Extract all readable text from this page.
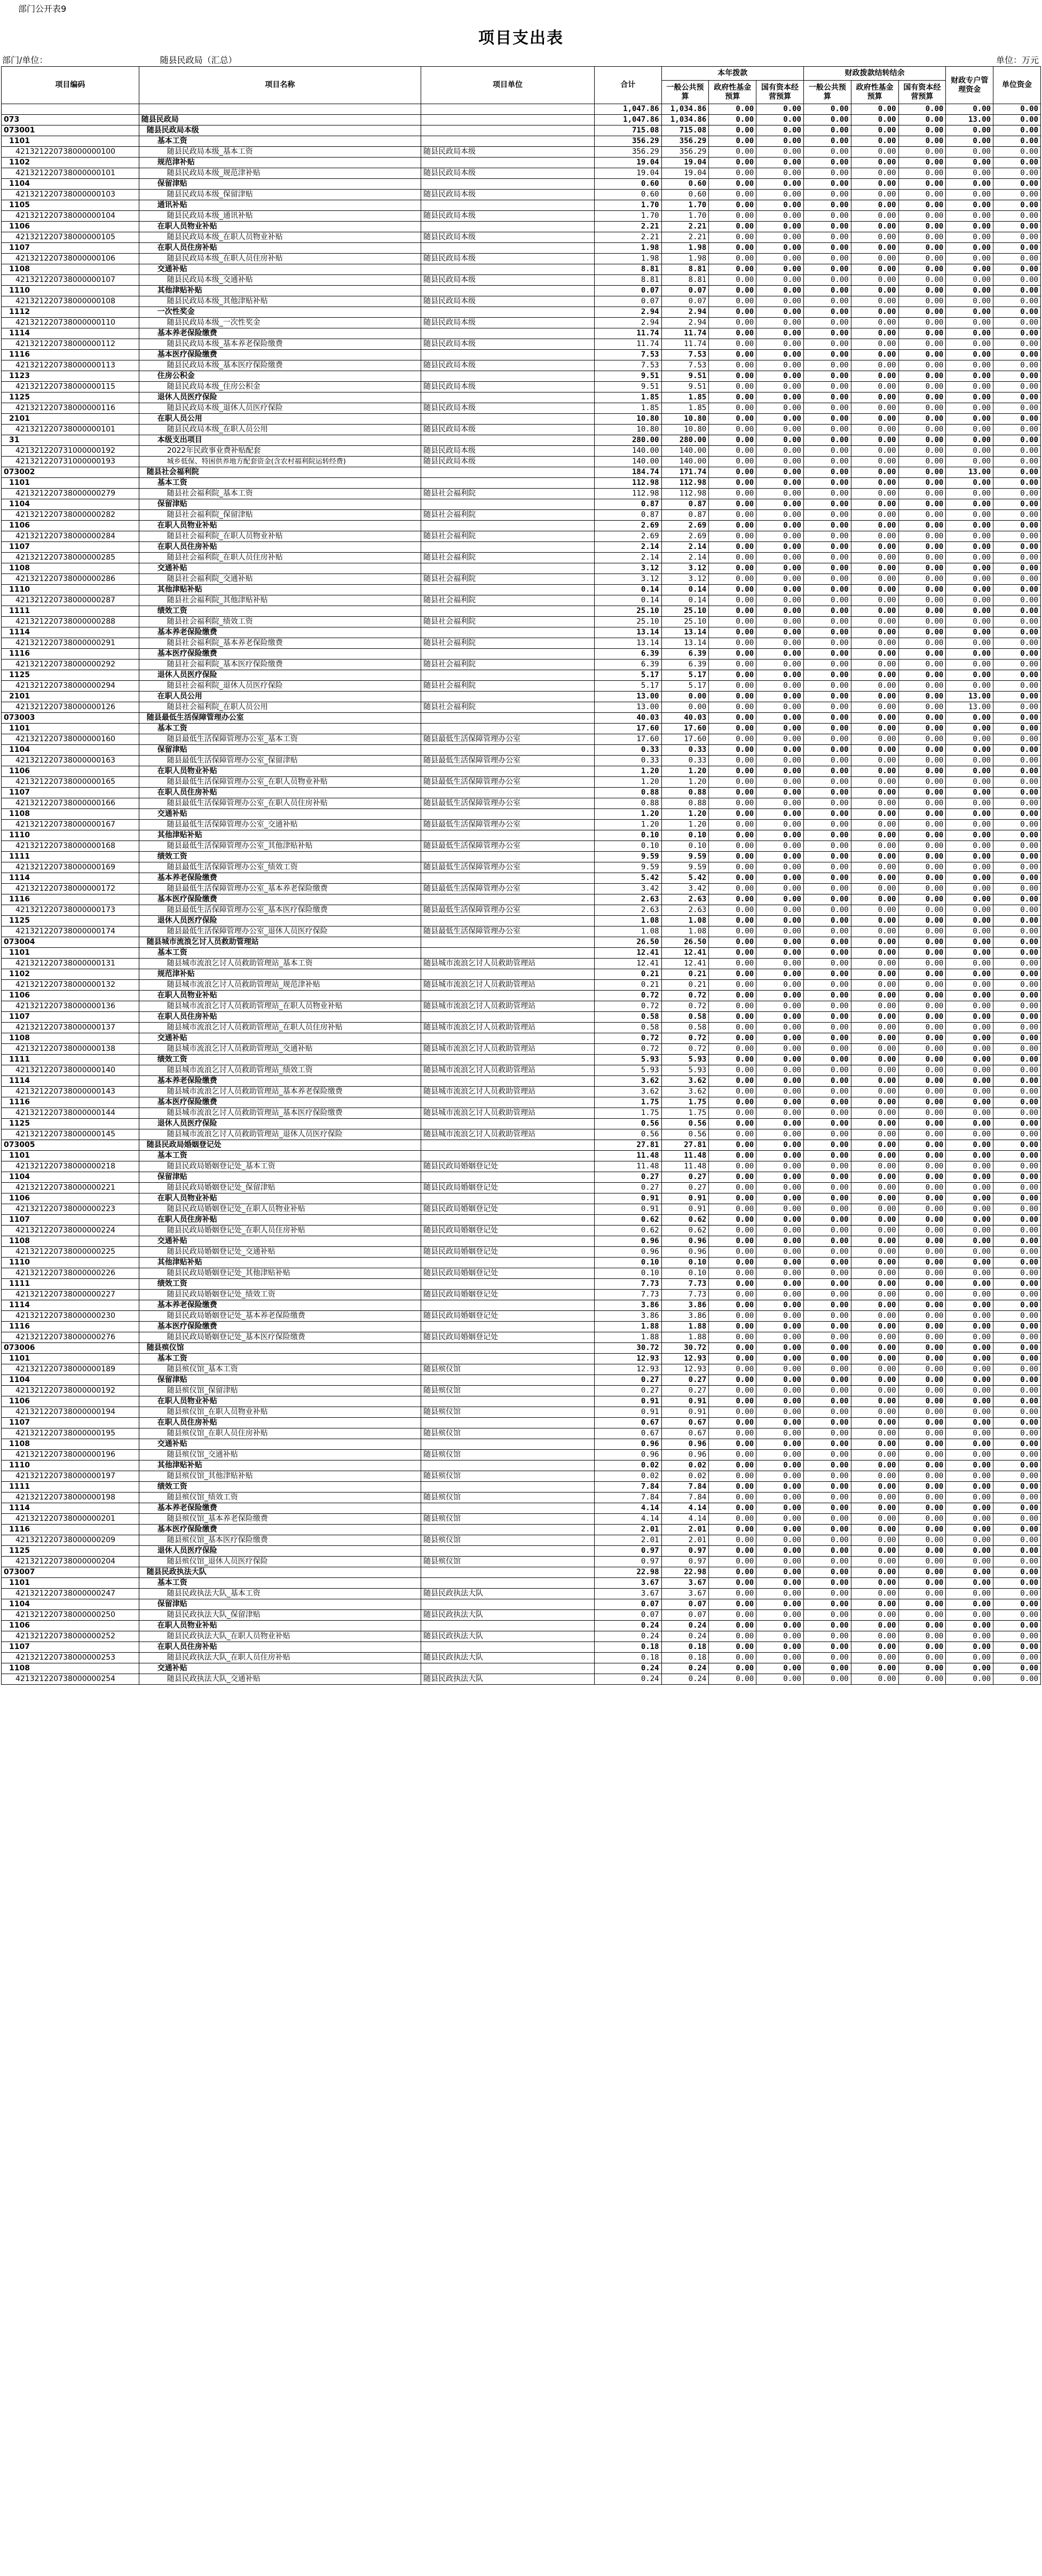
部门公开表9
项目支出表
部门/单位：	随县民政局（汇总）	单位：万元
项目编码	项目名称	项目单位	合计	本年拨款			财政拨款结转结余			财政专户管理资金	单位资金
				一般公共预算	政府性基金预算	国有资本经营预算	一般公共预算	政府性基金预算	国有资本经营预算		
			1,047.86	1,034.86	0.00	0.00	0.00	0.00	0.00	0.00	0.00
073	随县民政局		1,047.86	1,034.86	0.00	0.00	0.00	0.00	0.00	13.00	0.00
073001	随县民政局本级		715.08	715.08	0.00	0.00	0.00	0.00	0.00	0.00	0.00
1101	基本工资		356.29	356.29	0.00	0.00	0.00	0.00	0.00	0.00	0.00
421321220738000000100	随县民政局本级_基本工资	随县民政局本级	356.29	356.29	0.00	0.00	0.00	0.00	0.00	0.00	0.00
1102	规范津补贴		19.04	19.04	0.00	0.00	0.00	0.00	0.00	0.00	0.00
421321220738000000101	随县民政局本级_规范津补贴	随县民政局本级	19.04	19.04	0.00	0.00	0.00	0.00	0.00	0.00	0.00
1104	保留津贴		0.60	0.60	0.00	0.00	0.00	0.00	0.00	0.00	0.00
421321220738000000103	随县民政局本级_保留津贴	随县民政局本级	0.60	0.60	0.00	0.00	0.00	0.00	0.00	0.00	0.00
1105	通讯补贴		1.70	1.70	0.00	0.00	0.00	0.00	0.00	0.00	0.00
421321220738000000104	随县民政局本级_通讯补贴	随县民政局本级	1.70	1.70	0.00	0.00	0.00	0.00	0.00	0.00	0.00
1106	在职人员物业补贴		2.21	2.21	0.00	0.00	0.00	0.00	0.00	0.00	0.00
421321220738000000105	随县民政局本级_在职人员物业补贴	随县民政局本级	2.21	2.21	0.00	0.00	0.00	0.00	0.00	0.00	0.00
1107	在职人员住房补贴		1.98	1.98	0.00	0.00	0.00	0.00	0.00	0.00	0.00
421321220738000000106	随县民政局本级_在职人员住房补贴	随县民政局本级	1.98	1.98	0.00	0.00	0.00	0.00	0.00	0.00	0.00
1108	交通补贴		8.81	8.81	0.00	0.00	0.00	0.00	0.00	0.00	0.00
421321220738000000107	随县民政局本级_交通补贴	随县民政局本级	8.81	8.81	0.00	0.00	0.00	0.00	0.00	0.00	0.00
1110	其他津贴补贴		0.07	0.07	0.00	0.00	0.00	0.00	0.00	0.00	0.00
421321220738000000108	随县民政局本级_其他津贴补贴	随县民政局本级	0.07	0.07	0.00	0.00	0.00	0.00	0.00	0.00	0.00
1112	一次性奖金		2.94	2.94	0.00	0.00	0.00	0.00	0.00	0.00	0.00
421321220738000000110	随县民政局本级_一次性奖金	随县民政局本级	2.94	2.94	0.00	0.00	0.00	0.00	0.00	0.00	0.00
1114	基本养老保险缴费		11.74	11.74	0.00	0.00	0.00	0.00	0.00	0.00	0.00
421321220738000000112	随县民政局本级_基本养老保险缴费	随县民政局本级	11.74	11.74	0.00	0.00	0.00	0.00	0.00	0.00	0.00
1116	基本医疗保险缴费		7.53	7.53	0.00	0.00	0.00	0.00	0.00	0.00	0.00
421321220738000000113	随县民政局本级_基本医疗保险缴费	随县民政局本级	7.53	7.53	0.00	0.00	0.00	0.00	0.00	0.00	0.00
1123	住房公积金		9.51	9.51	0.00	0.00	0.00	0.00	0.00	0.00	0.00
421321220738000000115	随县民政局本级_住房公积金	随县民政局本级	9.51	9.51	0.00	0.00	0.00	0.00	0.00	0.00	0.00
1125	退休人员医疗保险		1.85	1.85	0.00	0.00	0.00	0.00	0.00	0.00	0.00
421321220738000000116	随县民政局本级_退休人员医疗保险	随县民政局本级	1.85	1.85	0.00	0.00	0.00	0.00	0.00	0.00	0.00
2101	在职人员公用		10.80	10.80	0.00	0.00	0.00	0.00	0.00	0.00	0.00
421321220738000000101	随县民政局本级_在职人员公用	随县民政局本级	10.80	10.80	0.00	0.00	0.00	0.00	0.00	0.00	0.00
31	本级支出项目		280.00	280.00	0.00	0.00	0.00	0.00	0.00	0.00	0.00
421321220731000000192	2022年民政事业费补贴配套	随县民政局本级	140.00	140.00	0.00	0.00	0.00	0.00	0.00	0.00	0.00
421321220731000000193	城乡低保、特困供养地方配套资金(含农村福利院运转经费)	随县民政局本级	140.00	140.00	0.00	0.00	0.00	0.00	0.00	0.00	0.00
073002	随县社会福利院		184.74	171.74	0.00	0.00	0.00	0.00	0.00	13.00	0.00
1101	基本工资		112.98	112.98	0.00	0.00	0.00	0.00	0.00	0.00	0.00
421321220738000000279	随县社会福利院_基本工资	随县社会福利院	112.98	112.98	0.00	0.00	0.00	0.00	0.00	0.00	0.00
1104	保留津贴		0.87	0.87	0.00	0.00	0.00	0.00	0.00	0.00	0.00
421321220738000000282	随县社会福利院_保留津贴	随县社会福利院	0.87	0.87	0.00	0.00	0.00	0.00	0.00	0.00	0.00
1106	在职人员物业补贴		2.69	2.69	0.00	0.00	0.00	0.00	0.00	0.00	0.00
421321220738000000284	随县社会福利院_在职人员物业补贴	随县社会福利院	2.69	2.69	0.00	0.00	0.00	0.00	0.00	0.00	0.00
1107	在职人员住房补贴		2.14	2.14	0.00	0.00	0.00	0.00	0.00	0.00	0.00
421321220738000000285	随县社会福利院_在职人员住房补贴	随县社会福利院	2.14	2.14	0.00	0.00	0.00	0.00	0.00	0.00	0.00
1108	交通补贴		3.12	3.12	0.00	0.00	0.00	0.00	0.00	0.00	0.00
421321220738000000286	随县社会福利院_交通补贴	随县社会福利院	3.12	3.12	0.00	0.00	0.00	0.00	0.00	0.00	0.00
1110	其他津贴补贴		0.14	0.14	0.00	0.00	0.00	0.00	0.00	0.00	0.00
421321220738000000287	随县社会福利院_其他津贴补贴	随县社会福利院	0.14	0.14	0.00	0.00	0.00	0.00	0.00	0.00	0.00
1111	绩效工资		25.10	25.10	0.00	0.00	0.00	0.00	0.00	0.00	0.00
421321220738000000288	随县社会福利院_绩效工资	随县社会福利院	25.10	25.10	0.00	0.00	0.00	0.00	0.00	0.00	0.00
1114	基本养老保险缴费		13.14	13.14	0.00	0.00	0.00	0.00	0.00	0.00	0.00
421321220738000000291	随县社会福利院_基本养老保险缴费	随县社会福利院	13.14	13.14	0.00	0.00	0.00	0.00	0.00	0.00	0.00
1116	基本医疗保险缴费		6.39	6.39	0.00	0.00	0.00	0.00	0.00	0.00	0.00
421321220738000000292	随县社会福利院_基本医疗保险缴费	随县社会福利院	6.39	6.39	0.00	0.00	0.00	0.00	0.00	0.00	0.00
1125	退休人员医疗保险		5.17	5.17	0.00	0.00	0.00	0.00	0.00	0.00	0.00
421321220738000000294	随县社会福利院_退休人员医疗保险	随县社会福利院	5.17	5.17	0.00	0.00	0.00	0.00	0.00	0.00	0.00
2101	在职人员公用		13.00	0.00	0.00	0.00	0.00	0.00	0.00	13.00	0.00
421321220738000000126	随县社会福利院_在职人员公用	随县社会福利院	13.00	0.00	0.00	0.00	0.00	0.00	0.00	13.00	0.00
073003	随县最低生活保障管理办公室		40.03	40.03	0.00	0.00	0.00	0.00	0.00	0.00	0.00
1101	基本工资		17.60	17.60	0.00	0.00	0.00	0.00	0.00	0.00	0.00
421321220738000000160	随县最低生活保障管理办公室_基本工资	随县最低生活保障管理办公室	17.60	17.60	0.00	0.00	0.00	0.00	0.00	0.00	0.00
1104	保留津贴		0.33	0.33	0.00	0.00	0.00	0.00	0.00	0.00	0.00
421321220738000000163	随县最低生活保障管理办公室_保留津贴	随县最低生活保障管理办公室	0.33	0.33	0.00	0.00	0.00	0.00	0.00	0.00	0.00
1106	在职人员物业补贴		1.20	1.20	0.00	0.00	0.00	0.00	0.00	0.00	0.00
421321220738000000165	随县最低生活保障管理办公室_在职人员物业补贴	随县最低生活保障管理办公室	1.20	1.20	0.00	0.00	0.00	0.00	0.00	0.00	0.00
1107	在职人员住房补贴		0.88	0.88	0.00	0.00	0.00	0.00	0.00	0.00	0.00
421321220738000000166	随县最低生活保障管理办公室_在职人员住房补贴	随县最低生活保障管理办公室	0.88	0.88	0.00	0.00	0.00	0.00	0.00	0.00	0.00
1108	交通补贴		1.20	1.20	0.00	0.00	0.00	0.00	0.00	0.00	0.00
421321220738000000167	随县最低生活保障管理办公室_交通补贴	随县最低生活保障管理办公室	1.20	1.20	0.00	0.00	0.00	0.00	0.00	0.00	0.00
1110	其他津贴补贴		0.10	0.10	0.00	0.00	0.00	0.00	0.00	0.00	0.00
421321220738000000168	随县最低生活保障管理办公室_其他津贴补贴	随县最低生活保障管理办公室	0.10	0.10	0.00	0.00	0.00	0.00	0.00	0.00	0.00
1111	绩效工资		9.59	9.59	0.00	0.00	0.00	0.00	0.00	0.00	0.00
421321220738000000169	随县最低生活保障管理办公室_绩效工资	随县最低生活保障管理办公室	9.59	9.59	0.00	0.00	0.00	0.00	0.00	0.00	0.00
1114	基本养老保险缴费		5.42	5.42	0.00	0.00	0.00	0.00	0.00	0.00	0.00
421321220738000000172	随县最低生活保障管理办公室_基本养老保险缴费	随县最低生活保障管理办公室	3.42	3.42	0.00	0.00	0.00	0.00	0.00	0.00	0.00
1116	基本医疗保险缴费		2.63	2.63	0.00	0.00	0.00	0.00	0.00	0.00	0.00
421321220738000000173	随县最低生活保障管理办公室_基本医疗保险缴费	随县最低生活保障管理办公室	2.63	2.63	0.00	0.00	0.00	0.00	0.00	0.00	0.00
1125	退休人员医疗保险		1.08	1.08	0.00	0.00	0.00	0.00	0.00	0.00	0.00
421321220738000000174	随县最低生活保障管理办公室_退休人员医疗保险	随县最低生活保障管理办公室	1.08	1.08	0.00	0.00	0.00	0.00	0.00	0.00	0.00
073004	随县城市流浪乞讨人员救助管理站		26.50	26.50	0.00	0.00	0.00	0.00	0.00	0.00	0.00
1101	基本工资		12.41	12.41	0.00	0.00	0.00	0.00	0.00	0.00	0.00
421321220738000000131	随县城市流浪乞讨人员救助管理站_基本工资	随县城市流浪乞讨人员救助管理站	12.41	12.41	0.00	0.00	0.00	0.00	0.00	0.00	0.00
1102	规范津补贴		0.21	0.21	0.00	0.00	0.00	0.00	0.00	0.00	0.00
421321220738000000132	随县城市流浪乞讨人员救助管理站_规范津补贴	随县城市流浪乞讨人员救助管理站	0.21	0.21	0.00	0.00	0.00	0.00	0.00	0.00	0.00
1106	在职人员物业补贴		0.72	0.72	0.00	0.00	0.00	0.00	0.00	0.00	0.00
421321220738000000136	随县城市流浪乞讨人员救助管理站_在职人员物业补贴	随县城市流浪乞讨人员救助管理站	0.72	0.72	0.00	0.00	0.00	0.00	0.00	0.00	0.00
1107	在职人员住房补贴		0.58	0.58	0.00	0.00	0.00	0.00	0.00	0.00	0.00
421321220738000000137	随县城市流浪乞讨人员救助管理站_在职人员住房补贴	随县城市流浪乞讨人员救助管理站	0.58	0.58	0.00	0.00	0.00	0.00	0.00	0.00	0.00
1108	交通补贴		0.72	0.72	0.00	0.00	0.00	0.00	0.00	0.00	0.00
421321220738000000138	随县城市流浪乞讨人员救助管理站_交通补贴	随县城市流浪乞讨人员救助管理站	0.72	0.72	0.00	0.00	0.00	0.00	0.00	0.00	0.00
1111	绩效工资		5.93	5.93	0.00	0.00	0.00	0.00	0.00	0.00	0.00
421321220738000000140	随县城市流浪乞讨人员救助管理站_绩效工资	随县城市流浪乞讨人员救助管理站	5.93	5.93	0.00	0.00	0.00	0.00	0.00	0.00	0.00
1114	基本养老保险缴费		3.62	3.62	0.00	0.00	0.00	0.00	0.00	0.00	0.00
421321220738000000143	随县城市流浪乞讨人员救助管理站_基本养老保险缴费	随县城市流浪乞讨人员救助管理站	3.62	3.62	0.00	0.00	0.00	0.00	0.00	0.00	0.00
1116	基本医疗保险缴费		1.75	1.75	0.00	0.00	0.00	0.00	0.00	0.00	0.00
421321220738000000144	随县城市流浪乞讨人员救助管理站_基本医疗保险缴费	随县城市流浪乞讨人员救助管理站	1.75	1.75	0.00	0.00	0.00	0.00	0.00	0.00	0.00
1125	退休人员医疗保险		0.56	0.56	0.00	0.00	0.00	0.00	0.00	0.00	0.00
421321220738000000145	随县城市流浪乞讨人员救助管理站_退休人员医疗保险	随县城市流浪乞讨人员救助管理站	0.56	0.56	0.00	0.00	0.00	0.00	0.00	0.00	0.00
073005	随县民政局婚姻登记处		27.81	27.81	0.00	0.00	0.00	0.00	0.00	0.00	0.00
1101	基本工资		11.48	11.48	0.00	0.00	0.00	0.00	0.00	0.00	0.00
421321220738000000218	随县民政局婚姻登记处_基本工资	随县民政局婚姻登记处	11.48	11.48	0.00	0.00	0.00	0.00	0.00	0.00	0.00
1104	保留津贴		0.27	0.27	0.00	0.00	0.00	0.00	0.00	0.00	0.00
421321220738000000221	随县民政局婚姻登记处_保留津贴	随县民政局婚姻登记处	0.27	0.27	0.00	0.00	0.00	0.00	0.00	0.00	0.00
1106	在职人员物业补贴		0.91	0.91	0.00	0.00	0.00	0.00	0.00	0.00	0.00
421321220738000000223	随县民政局婚姻登记处_在职人员物业补贴	随县民政局婚姻登记处	0.91	0.91	0.00	0.00	0.00	0.00	0.00	0.00	0.00
1107	在职人员住房补贴		0.62	0.62	0.00	0.00	0.00	0.00	0.00	0.00	0.00
421321220738000000224	随县民政局婚姻登记处_在职人员住房补贴	随县民政局婚姻登记处	0.62	0.62	0.00	0.00	0.00	0.00	0.00	0.00	0.00
1108	交通补贴		0.96	0.96	0.00	0.00	0.00	0.00	0.00	0.00	0.00
421321220738000000225	随县民政局婚姻登记处_交通补贴	随县民政局婚姻登记处	0.96	0.96	0.00	0.00	0.00	0.00	0.00	0.00	0.00
1110	其他津贴补贴		0.10	0.10	0.00	0.00	0.00	0.00	0.00	0.00	0.00
421321220738000000226	随县民政局婚姻登记处_其他津贴补贴	随县民政局婚姻登记处	0.10	0.10	0.00	0.00	0.00	0.00	0.00	0.00	0.00
1111	绩效工资		7.73	7.73	0.00	0.00	0.00	0.00	0.00	0.00	0.00
421321220738000000227	随县民政局婚姻登记处_绩效工资	随县民政局婚姻登记处	7.73	7.73	0.00	0.00	0.00	0.00	0.00	0.00	0.00
1114	基本养老保险缴费		3.86	3.86	0.00	0.00	0.00	0.00	0.00	0.00	0.00
421321220738000000230	随县民政局婚姻登记处_基本养老保险缴费	随县民政局婚姻登记处	3.86	3.86	0.00	0.00	0.00	0.00	0.00	0.00	0.00
1116	基本医疗保险缴费		1.88	1.88	0.00	0.00	0.00	0.00	0.00	0.00	0.00
421321220738000000276	随县民政局婚姻登记处_基本医疗保险缴费	随县民政局婚姻登记处	1.88	1.88	0.00	0.00	0.00	0.00	0.00	0.00	0.00
073006	随县殡仪馆		30.72	30.72	0.00	0.00	0.00	0.00	0.00	0.00	0.00
1101	基本工资		12.93	12.93	0.00	0.00	0.00	0.00	0.00	0.00	0.00
421321220738000000189	随县殡仪馆_基本工资	随县殡仪馆	12.93	12.93	0.00	0.00	0.00	0.00	0.00	0.00	0.00
1104	保留津贴		0.27	0.27	0.00	0.00	0.00	0.00	0.00	0.00	0.00
421321220738000000192	随县殡仪馆_保留津贴	随县殡仪馆	0.27	0.27	0.00	0.00	0.00	0.00	0.00	0.00	0.00
1106	在职人员物业补贴		0.91	0.91	0.00	0.00	0.00	0.00	0.00	0.00	0.00
421321220738000000194	随县殡仪馆_在职人员物业补贴	随县殡仪馆	0.91	0.91	0.00	0.00	0.00	0.00	0.00	0.00	0.00
1107	在职人员住房补贴		0.67	0.67	0.00	0.00	0.00	0.00	0.00	0.00	0.00
421321220738000000195	随县殡仪馆_在职人员住房补贴	随县殡仪馆	0.67	0.67	0.00	0.00	0.00	0.00	0.00	0.00	0.00
1108	交通补贴		0.96	0.96	0.00	0.00	0.00	0.00	0.00	0.00	0.00
421321220738000000196	随县殡仪馆_交通补贴	随县殡仪馆	0.96	0.96	0.00	0.00	0.00	0.00	0.00	0.00	0.00
1110	其他津贴补贴		0.02	0.02	0.00	0.00	0.00	0.00	0.00	0.00	0.00
421321220738000000197	随县殡仪馆_其他津贴补贴	随县殡仪馆	0.02	0.02	0.00	0.00	0.00	0.00	0.00	0.00	0.00
1111	绩效工资		7.84	7.84	0.00	0.00	0.00	0.00	0.00	0.00	0.00
421321220738000000198	随县殡仪馆_绩效工资	随县殡仪馆	7.84	7.84	0.00	0.00	0.00	0.00	0.00	0.00	0.00
1114	基本养老保险缴费		4.14	4.14	0.00	0.00	0.00	0.00	0.00	0.00	0.00
421321220738000000201	随县殡仪馆_基本养老保险缴费	随县殡仪馆	4.14	4.14	0.00	0.00	0.00	0.00	0.00	0.00	0.00
1116	基本医疗保险缴费		2.01	2.01	0.00	0.00	0.00	0.00	0.00	0.00	0.00
421321220738000000209	随县殡仪馆_基本医疗保险缴费	随县殡仪馆	2.01	2.01	0.00	0.00	0.00	0.00	0.00	0.00	0.00
1125	退休人员医疗保险		0.97	0.97	0.00	0.00	0.00	0.00	0.00	0.00	0.00
421321220738000000204	随县殡仪馆_退休人员医疗保险	随县殡仪馆	0.97	0.97	0.00	0.00	0.00	0.00	0.00	0.00	0.00
073007	随县民政执法大队		22.98	22.98	0.00	0.00	0.00	0.00	0.00	0.00	0.00
1101	基本工资		3.67	3.67	0.00	0.00	0.00	0.00	0.00	0.00	0.00
421321220738000000247	随县民政执法大队_基本工资	随县民政执法大队	3.67	3.67	0.00	0.00	0.00	0.00	0.00	0.00	0.00
1104	保留津贴		0.07	0.07	0.00	0.00	0.00	0.00	0.00	0.00	0.00
421321220738000000250	随县民政执法大队_保留津贴	随县民政执法大队	0.07	0.07	0.00	0.00	0.00	0.00	0.00	0.00	0.00
1106	在职人员物业补贴		0.24	0.24	0.00	0.00	0.00	0.00	0.00	0.00	0.00
421321220738000000252	随县民政执法大队_在职人员物业补贴	随县民政执法大队	0.24	0.24	0.00	0.00	0.00	0.00	0.00	0.00	0.00
1107	在职人员住房补贴		0.18	0.18	0.00	0.00	0.00	0.00	0.00	0.00	0.00
421321220738000000253	随县民政执法大队_在职人员住房补贴	随县民政执法大队	0.18	0.18	0.00	0.00	0.00	0.00	0.00	0.00	0.00
1108	交通补贴		0.24	0.24	0.00	0.00	0.00	0.00	0.00	0.00	0.00
421321220738000000254	随县民政执法大队_交通补贴	随县民政执法大队	0.24	0.24	0.00	0.00	0.00	0.00	0.00	0.00	0.00
